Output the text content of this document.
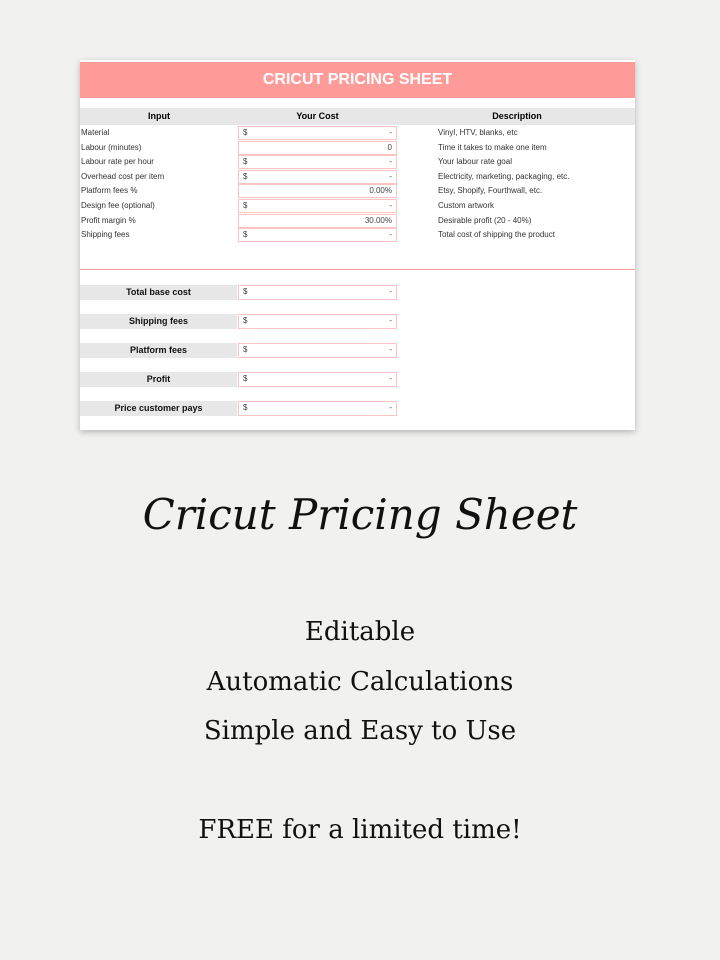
CRICUT PRICING SHEET
Input	Your Cost	Description
Material	$	-	Vinyl, HTV, blanks, etc
Labour (minutes)	0	Time it takes to make one item
Labour rate per hour	$	-	Your labour rate goal
Overhead cost per item	$	-	Electricity, marketing, packaging, etc.
Platform fees %	0.00%	Etsy, Shopify, Fourthwall, etc.
Design fee (optional)	$	-	Custom artwork
Profit margin %	30.00%	Desirable profit (20 - 40%)
Shipping fees	$	-	Total cost of shipping the product
Total base cost	$	-
Shipping fees	$	-
Platform fees	$	-
Profit	$	-
Price customer pays	$	-
Cricut Pricing Sheet
Editable
Automatic Calculations
Simple and Easy to Use
FREE for a limited time!
